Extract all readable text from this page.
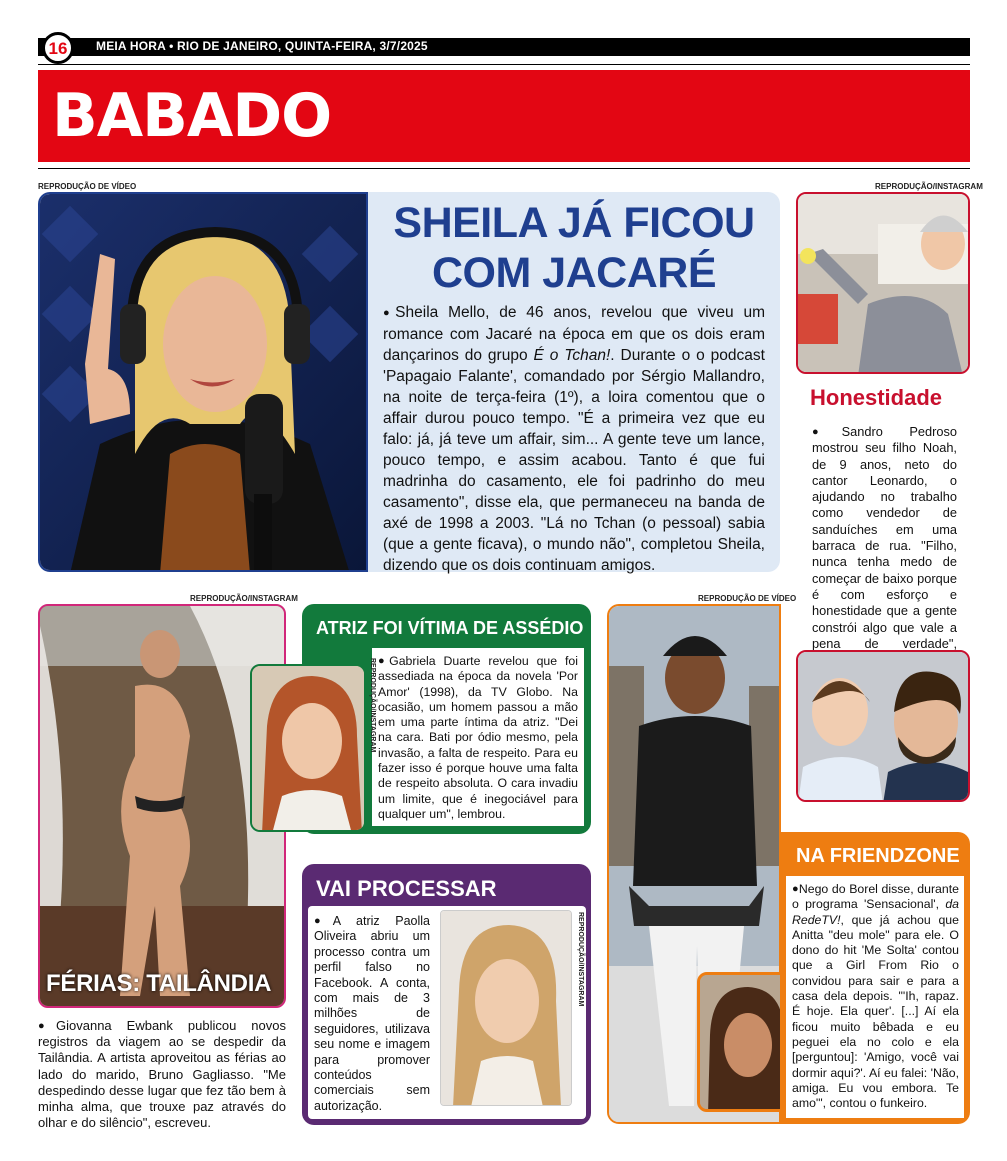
16	MEIA HORA • RIO DE JANEIRO, QUINTA-FEIRA, 3/7/2025
BABADO
REPRODUÇÃO DE VÍDEO
SHEILA JÁ FICOU
COM JACARÉ
● Sheila Mello, de 46 anos, revelou que viveu um romance com Jacaré na época em que os dois eram dançarinos do grupo É o Tchan!. Durante o o podcast 'Papagaio Falante', comandado por Sérgio Mallandro, na noite de terça-feira (1º), a loira comentou que o affair durou pouco tempo. "É a primeira vez que eu falo: já, já teve um affair, sim... A gente teve um lance, pouco tempo, e assim acabou. Tanto é que fui madrinha do casamento, ele foi padrinho do meu casamento", disse ela, que permaneceu na banda de axé de 1998 a 2003. "Lá no Tchan (o pessoal) sabia (que a gente ficava), o mundo não", completou Sheila, dizendo que os dois continuam amigos.
REPRODUÇÃO/INSTAGRAM
Honestidade
● Sandro Pedroso mostrou seu filho Noah, de 9 anos, neto do cantor Leonardo, o ajudando no trabalho como vendedor de sanduíches em uma barraca de rua. "Filho, nunca tenha medo de começar de baixo porque é com esforço e honestidade que a gente constrói algo que vale a pena de verdade",
REPRODUÇÃO/INSTAGRAM
FÉRIAS: TAILÂNDIA
● Giovanna Ewbank publicou novos registros da viagem ao se despedir da Tailândia. A artista aproveitou as férias ao lado do marido, Bruno Gagliasso. "Me despedindo desse lugar que fez tão bem à minha alma, que trouxe paz através do olhar e do silêncio", escreveu.
ATRIZ FOI VÍTIMA DE ASSÉDIO
REPRODUÇÃO/INSTAGRAM
●	Gabriela Duarte revelou que foi assediada na época da novela 'Por Amor' (1998), da TV Globo. Na ocasião, um homem passou a mão em uma parte íntima da atriz. "Dei na cara. Bati por ódio mesmo, pela invasão, a falta de respeito. Para eu fazer isso é porque houve uma falta de respeito absoluta. O cara invadiu um limite, que é inegociável para qualquer um", lembrou.
VAI PROCESSAR
● A atriz Paolla Oliveira abriu um processo contra um perfil falso no Facebook. A conta, com mais de 3 milhões de seguidores, utilizava seu nome e imagem para promover conteúdos comerciais sem autorização.
REPRODUÇÃO/INSTAGRAM
REPRODUÇÃO DE VÍDEO
NA FRIENDZONE
● Nego do Borel disse, durante o programa 'Sensacional', da RedeTV!, que já achou que Anitta "deu mole" para ele. O dono do hit 'Me Solta' contou que a Girl From Rio o convidou para sair e para a casa dela depois. "'Ih, rapaz. É hoje. Ela quer'. [...] Aí ela ficou muito bêbada e eu peguei ela no colo e ela [perguntou]: 'Amigo, você vai dormir aqui?'. Aí eu falei: 'Não, amiga. Eu vou embora. Te amo'", contou o funkeiro.
